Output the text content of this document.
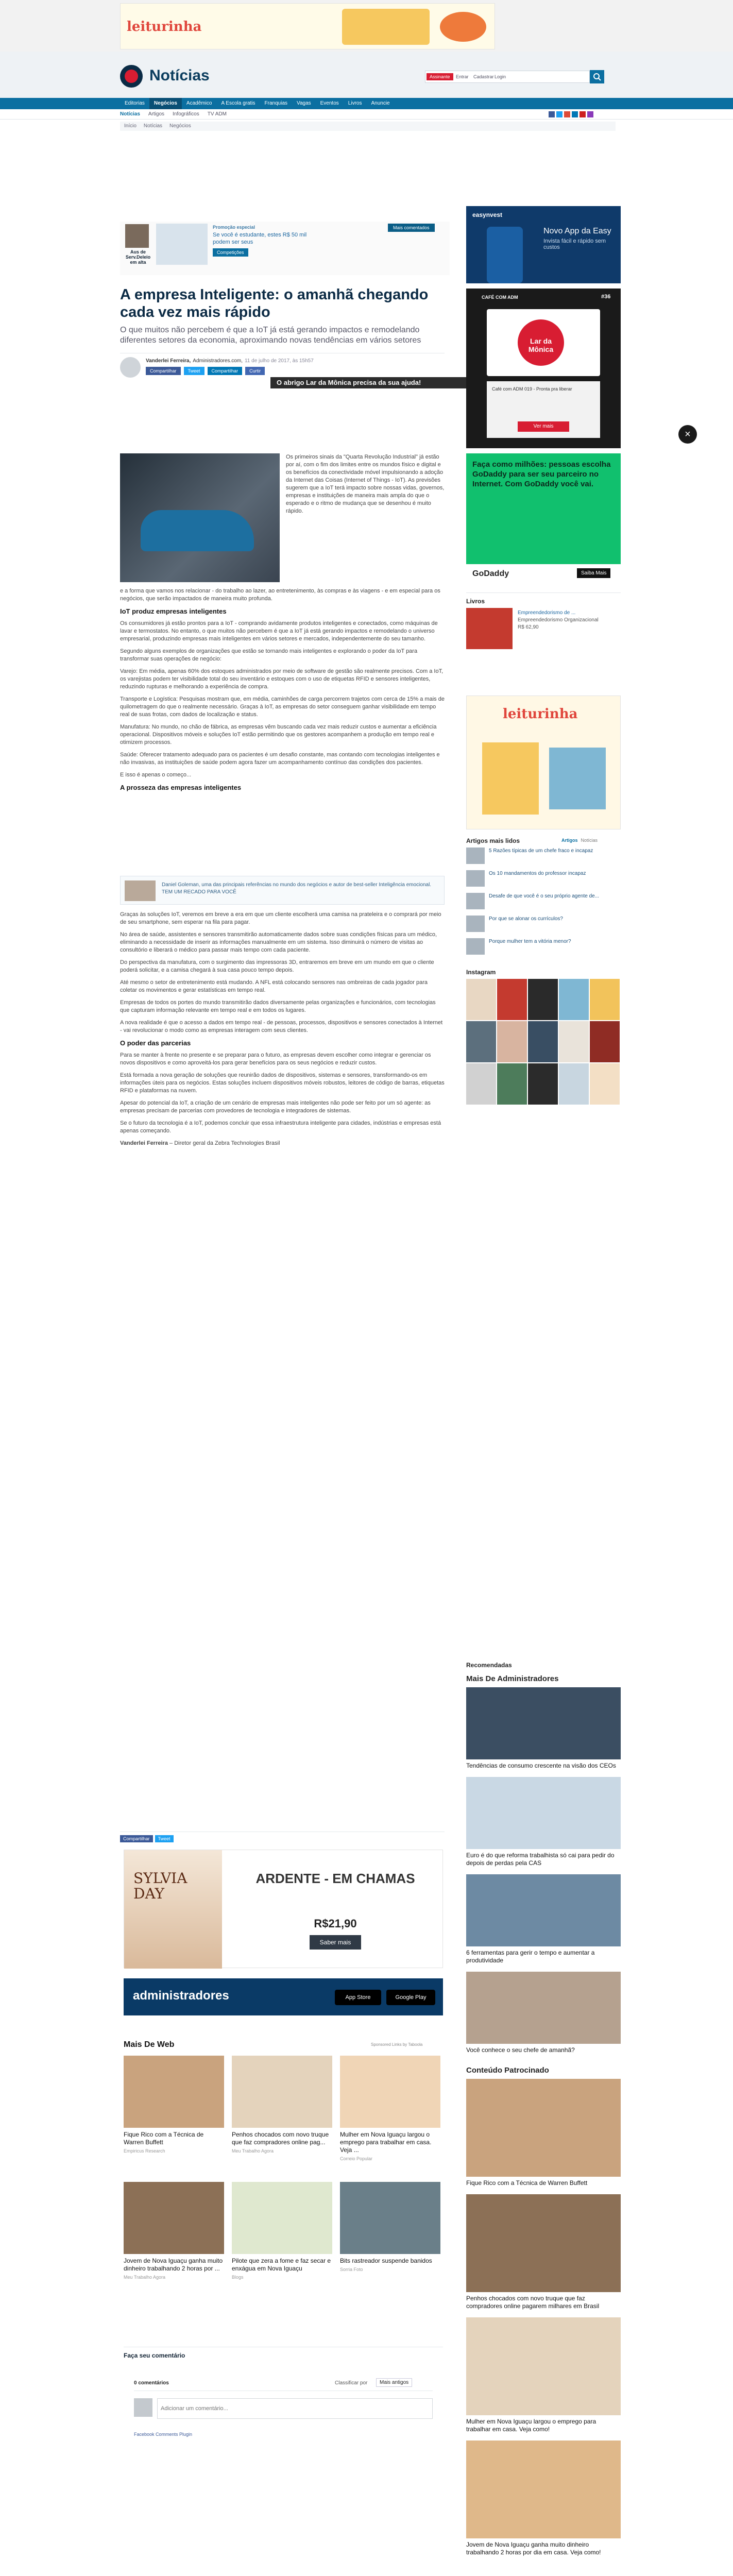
leiturinha
Notícias	Assinante	Entrar Cadastrar Login
Editorias	Negócios	Acadêmico	A Escola gratis	Franquias	Vagas	Eventos	Livros	Anuncie
Notícias Artigos Infográficos TV ADM
Início Notícias Negócios
Aus de Serv.Deleio em alta
Promoção especial
Se você é estudante, estes R$ 50 mil
podem ser seus
Competições
Mais comentados
A empresa Inteligente: o amanhã chegando cada vez mais rápido
O que muitos não percebem é que a IoT já está gerando impactos e remodelando diferentes setores da economia, aproximando novas tendências em vários setores
Vanderlei Ferreira, Administradores.com, 11 de julho de 2017, às 15h57
Compartilhar	Tweet	Compartilhar	Curtir
O abrigo Lar da Mônica precisa da sua ajuda!
×
Os primeiros sinais da "Quarta Revolução Industrial" já estão por aí, com o fim dos limites entre os mundos físico e digital e os benefícios da conectividade móvel impulsionando a adoção da Internet das Coisas (Internet of Things - IoT). As previsões sugerem que a IoT terá impacto sobre nossas vidas, governos, empresas e instituições de maneira mais ampla do que o esperado e o ritmo de mudança que se desenhou é muito rápido.

e a forma que vamos nos relacionar - do trabalho ao lazer, ao entretenimento, às compras e às viagens - e em especial para os negócios, que serão impactados de maneira muito profunda.

IoT produz empresas inteligentes

Os consumidores já estão prontos para a IoT - comprando avidamente produtos inteligentes e conectados, como máquinas de lavar e termostatos. No entanto, o que muitos não percebem é que a IoT já está gerando impactos e remodelando o universo empresarial, produzindo empresas mais inteligentes em vários setores e mercados, independentemente do seu tamanho.

Segundo alguns exemplos de organizações que estão se tornando mais inteligentes e explorando o poder da IoT para transformar suas operações de negócio:

Varejo: Em média, apenas 60% dos estoques administrados por meio de software de gestão são realmente precisos. Com a IoT, os varejistas podem ter visibilidade total do seu inventário e estoques com o uso de etiquetas RFID e sensores inteligentes, reduzindo rupturas e melhorando a experiência de compra.

Transporte e Logística: Pesquisas mostram que, em média, caminhões de carga percorrem trajetos com cerca de 15% a mais de quilometragem do que o realmente necessário. Graças à IoT, as empresas do setor conseguem ganhar visibilidade em tempo real de suas frotas, com dados de localização e status.

Manufatura: No mundo, no chão de fábrica, as empresas vêm buscando cada vez mais reduzir custos e aumentar a eficiência operacional. Dispositivos móveis e soluções IoT estão permitindo que os gestores acompanhem a produção em tempo real e otimizem processos.

Saúde: Oferecer tratamento adequado para os pacientes é um desafio constante, mas contando com tecnologias inteligentes e não invasivas, as instituições de saúde podem agora fazer um acompanhamento contínuo das condições dos pacientes.

E isso é apenas o começo...

A prosseza das empresas inteligentes

Daniel Goleman, uma das principais referências no mundo dos negócios e autor de best-seller Inteligência emocional. TEM UM RECADO PARA VOCÊ

Graças às soluções IoT, veremos em breve a era em que um cliente escolherá uma camisa na prateleira e o comprará por meio de seu smartphone, sem esperar na fila para pagar.

No área de saúde, assistentes e sensores transmitirão automaticamente dados sobre suas condições físicas para um médico, eliminando a necessidade de inserir as informações manualmente em um sistema. Isso diminuirá o número de visitas ao consultório e liberará o médico para passar mais tempo com cada paciente.

Do perspectiva da manufatura, com o surgimento das impressoras 3D, entraremos em breve em um mundo em que o cliente poderá solicitar, e a camisa chegará à sua casa pouco tempo depois.

Até mesmo o setor de entretenimento está mudando. A NFL está colocando sensores nas ombreiras de cada jogador para coletar os movimentos e gerar estatísticas em tempo real.

Empresas de todos os portes do mundo transmitirão dados diversamente pelas organizações e funcionários, com tecnologias que capturam informação relevante em tempo real e em todos os lugares.

A nova realidade é que o acesso a dados em tempo real - de pessoas, processos, dispositivos e sensores conectados à Internet - vai revolucionar o modo como as empresas interagem com seus clientes.

O poder das parcerias

Para se manter à frente no presente e se preparar para o futuro, as empresas devem escolher como integrar e gerenciar os novos dispositivos e como aproveitá-los para gerar benefícios para os seus negócios e reduzir custos.

Está formada a nova geração de soluções que reunirão dados de dispositivos, sistemas e sensores, transformando-os em informações úteis para os negócios. Estas soluções incluem dispositivos móveis robustos, leitores de código de barras, etiquetas RFID e plataformas na nuvem.

Apesar do potencial da IoT, a criação de um cenário de empresas mais inteligentes não pode ser feito por um só agente: as empresas precisam de parcerias com provedores de tecnologia e integradores de sistemas.

Se o futuro da tecnologia é a IoT, podemos concluir que essa infraestrutura inteligente para cidades, indústrias e empresas está apenas começando.

Vanderlei Ferreira – Diretor geral da Zebra Technologies Brasil

Compartilhar	Tweet
SYLVIA DAY
ARDENTE - EM CHAMAS
R$21,90
Saber mais
administradores	App Store	Google Play
Mais De Web	Sponsored Links by Taboola
Fique Rico com a Técnica de Warren Buffett
Empiricus Research
Penhos chocados com novo truque que faz compradores online pag...
Meu Trabalho Agora
Mulher em Nova Iguaçu largou o emprego para trabalhar em casa. Veja ...
Correio Popular
Jovem de Nova Iguaçu ganha muito dinheiro trabalhando 2 horas por ...
Meu Trabalho Agora
Pilote que zera a fome e faz secar e enxágua em Nova Iguaçu
Blogs
Bits rastreador suspende banidos
Sorria Foto
Faça seu comentário
0 comentários	Classificar por	Mais antigos
Adicionar um comentário...
Facebook Comments Plugin
easynvest
Novo App da Easy
Invista fácil e rápido sem custos
CAFÉ COM ADM	#36
Lar da Mônica
Café com ADM 019 - Pronta pra liberar
Ver mais
Faça como milhões: pessoas escolha GoDaddy para ser seu parceiro no Internet. Com GoDaddy você vai.
GoDaddy	Saiba Mais
Livros
Empreendedorismo de ...
Empreendedorismo Organizacional
R$ 62,90
leiturinha
Artigos mais lidos	Artigos Notícias
5 Razões típicas de um chefe fraco e incapaz
Os 10 mandamentos do professor incapaz
Desafe de que você é o seu próprio agente de...
Por que se alonar os currículos?
Porque mulher tem a vitória menor?
Instagram
Recomendadas
Mais De Administradores
Tendências de consumo crescente na visão dos CEOs
Euro é do que reforma trabalhista só cai para pedir do depois de perdas pela CAS
6 ferramentas para gerir o tempo e aumentar a produtividade
Você conhece o seu chefe de amanhã?
Conteúdo Patrocinado
Fique Rico com a Técnica de Warren Buffett
Penhos chocados com novo truque que faz compradores online pagarem milhares em Brasil
Mulher em Nova Iguaçu largou o emprego para trabalhar em casa. Veja como!
Jovem de Nova Iguaçu ganha muito dinheiro trabalhando 2 horas por dia em casa. Veja como!
